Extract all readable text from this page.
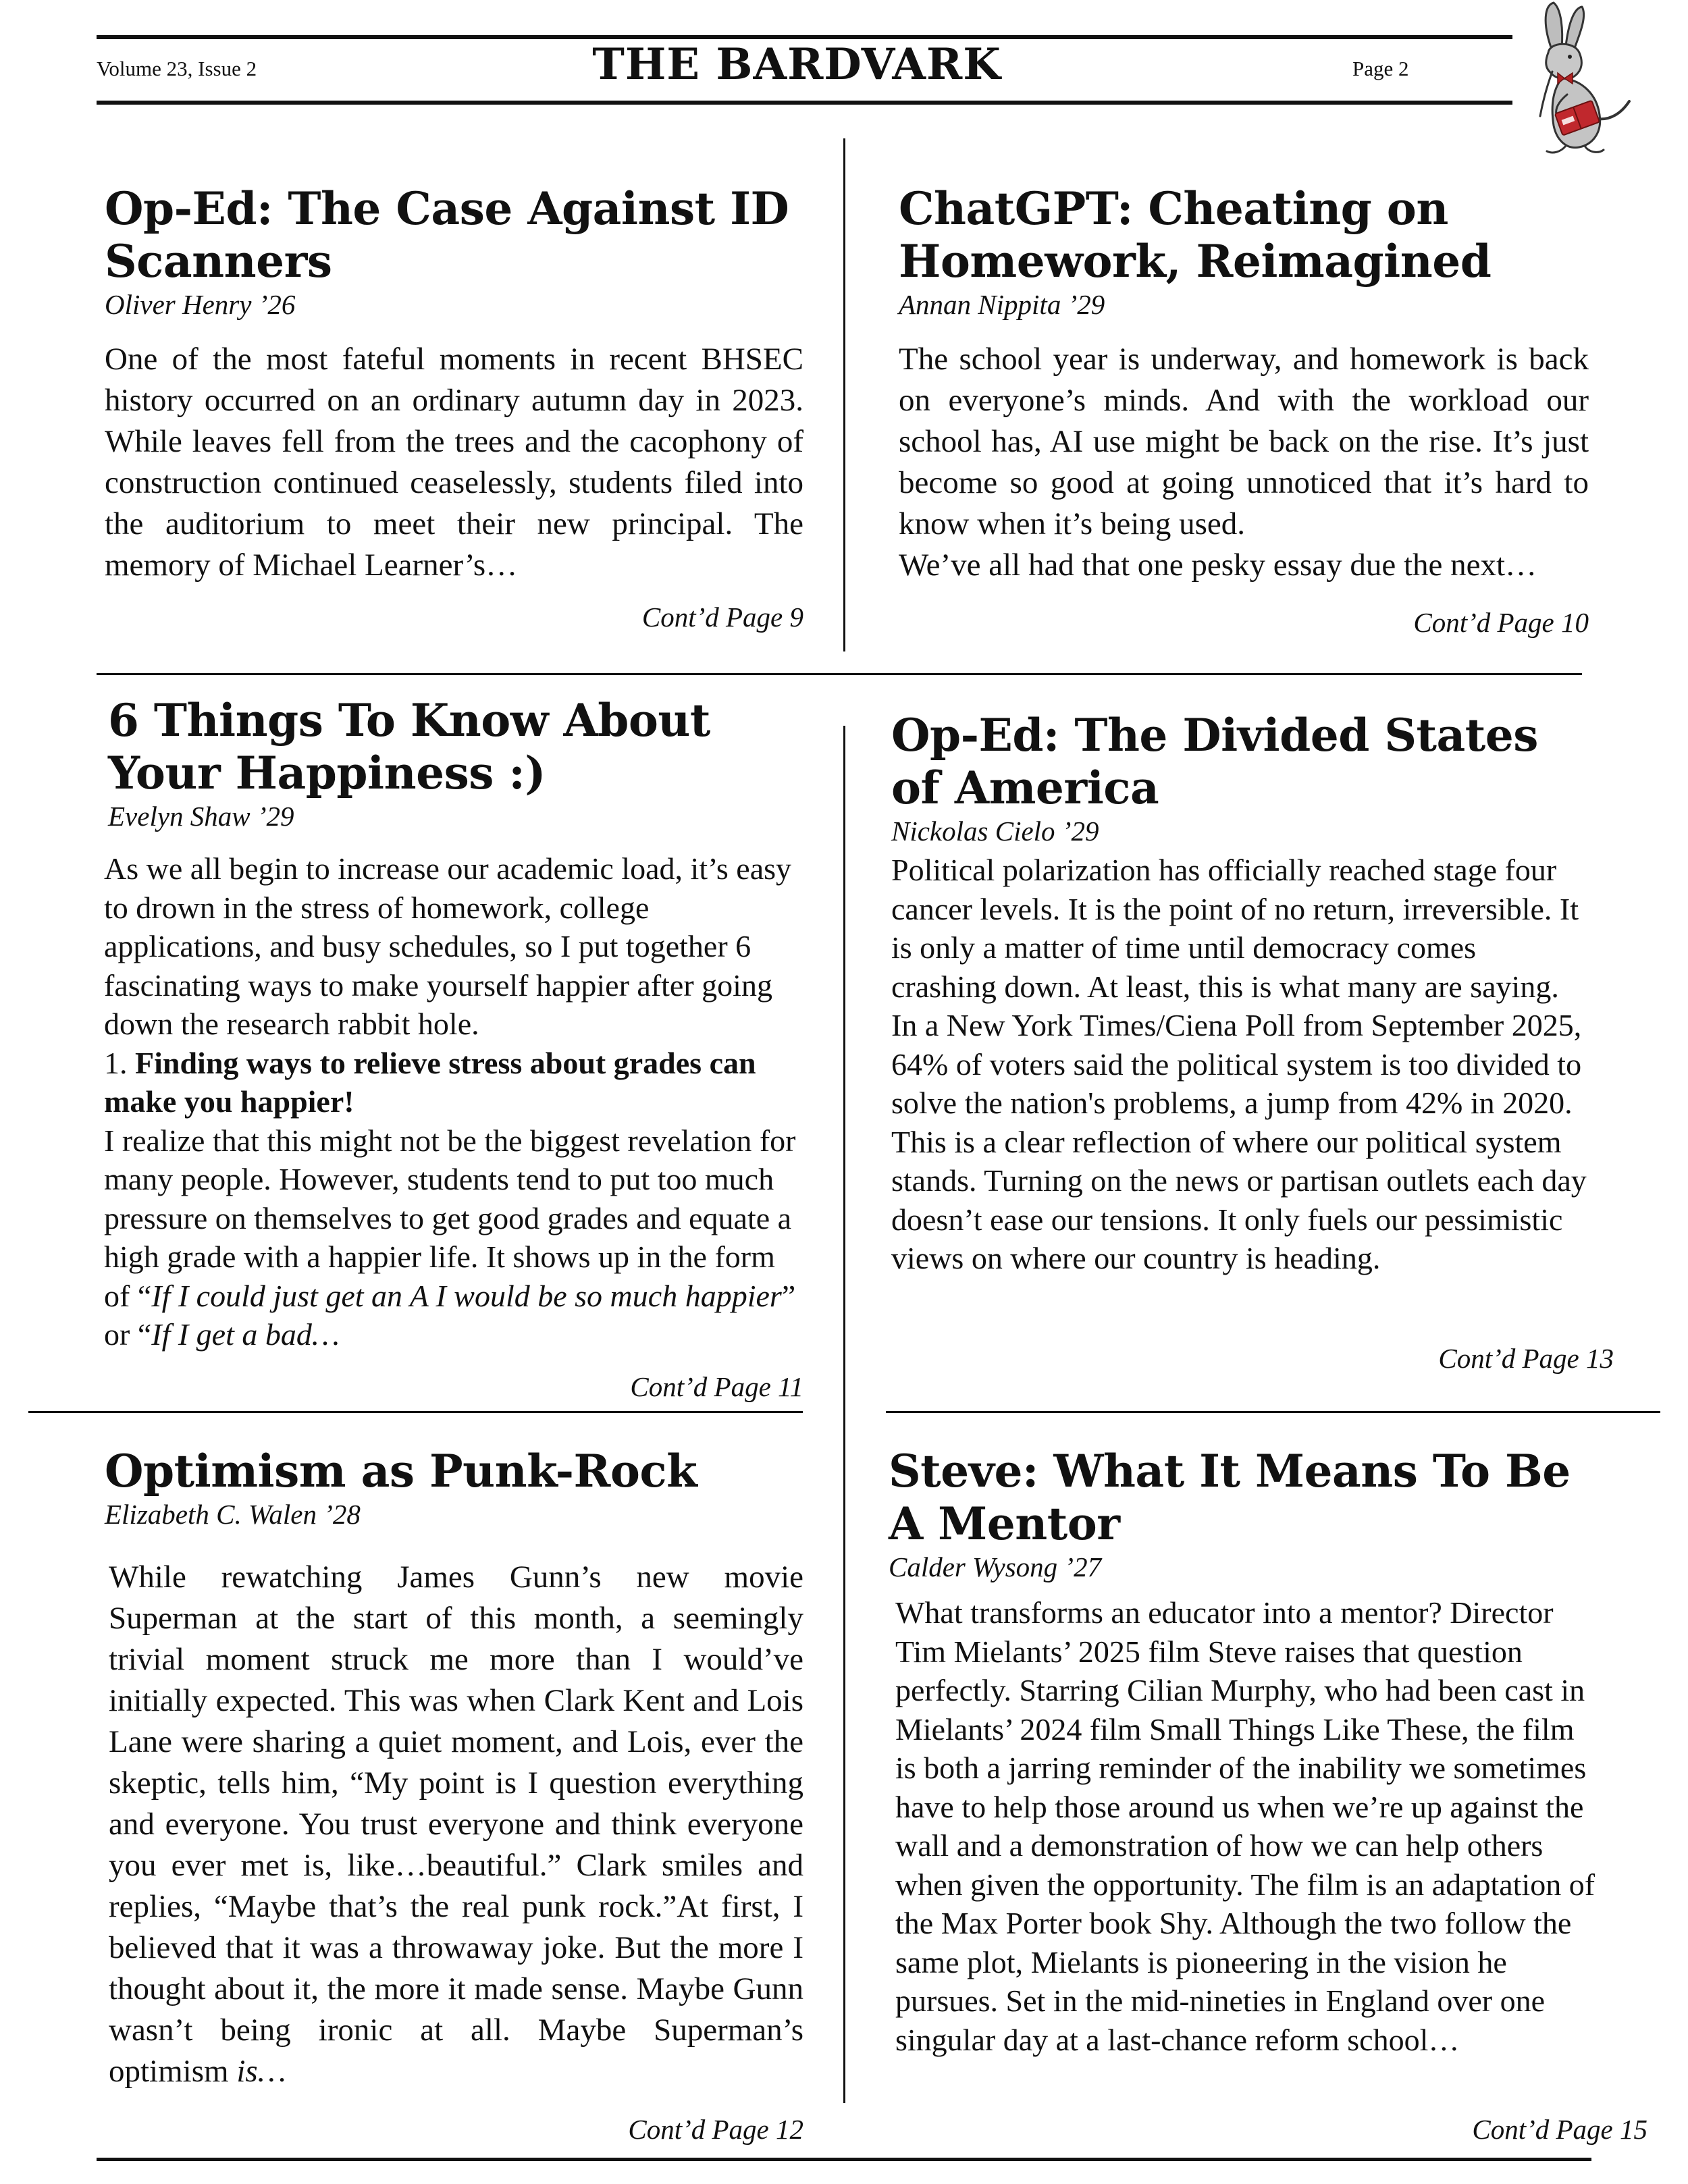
Volume 23, Issue 2	THE BARDVARK	Page 2
Op-Ed: The Case Against ID Scanners

Oliver Henry ’26

One of the most fateful moments in recent BHSEC history occurred on an ordinary autumn day in 2023. While leaves fell from the trees and the cacophony of construction continued ceaselessly, students filed into the auditorium to meet their new principal. The memory of Michael Learner’s…

Cont’d Page 9
ChatGPT: Cheating on Homework, Reimagined

Annan Nippita ’29

The school year is underway, and homework is back on everyone’s minds. And with the workload our school has, AI use might be back on the rise. It’s just become so good at going unnoticed that it’s hard to know when it’s being used.

We’ve all had that one pesky essay due the next…

Cont’d Page 10
6 Things To Know About Your Happiness :)

Evelyn Shaw ’29

As we all begin to increase our academic load, it’s easy to drown in the stress of homework, college applications, and busy schedules, so I put together 6 fascinating ways to make yourself happier after going down the research rabbit hole.

1. Finding ways to relieve stress about grades can make you happier!

I realize that this might not be the biggest revelation for many people. However, students tend to put too much pressure on themselves to get good grades and equate a high grade with a happier life. It shows up in the form of “If I could just get an A I would be so much happier” or “If I get a bad…

Cont’d Page 11
Op-Ed: The Divided States of America

Nickolas Cielo ’29

Political polarization has officially reached stage four cancer levels. It is the point of no return, irreversible. It is only a matter of time until democracy comes crashing down. At least, this is what many are saying.

In a New York Times/Ciena Poll from September 2025, 64% of voters said the political system is too divided to solve the nation's problems, a jump from 42% in 2020. This is a clear reflection of where our political system stands. Turning on the news or partisan outlets each day doesn’t ease our tensions. It only fuels our pessimistic views on where our country is heading.

Cont’d Page 13
Optimism as Punk-Rock

Elizabeth C. Walen ’28

While rewatching James Gunn’s new movie Superman at the start of this month, a seemingly trivial moment struck me more than I would’ve initially expected. This was when Clark Kent and Lois Lane were sharing a quiet moment, and Lois, ever the skeptic, tells him, “My point is I question everything and everyone. You trust everyone and think everyone you ever met is, like…beautiful.” Clark smiles and replies, “Maybe that’s the real punk rock.”At first, I believed that it was a throwaway joke. But the more I thought about it, the more it made sense. Maybe Gunn wasn’t being ironic at all. Maybe Superman’s optimism is…

Cont’d Page 12
Steve: What It Means To Be A Mentor

Calder Wysong ’27

What transforms an educator into a mentor? Director Tim Mielants’ 2025 film Steve raises that question perfectly. Starring Cilian Murphy, who had been cast in Mielants’ 2024 film Small Things Like These, the film is both a jarring reminder of the inability we sometimes have to help those around us when we’re up against the wall and a demonstration of how we can help others when given the opportunity. The film is an adaptation of the Max Porter book Shy. Although the two follow the same plot, Mielants is pioneering in the vision he pursues. Set in the mid-nineties in England over one singular day at a last-chance reform school…

Cont’d Page 15
